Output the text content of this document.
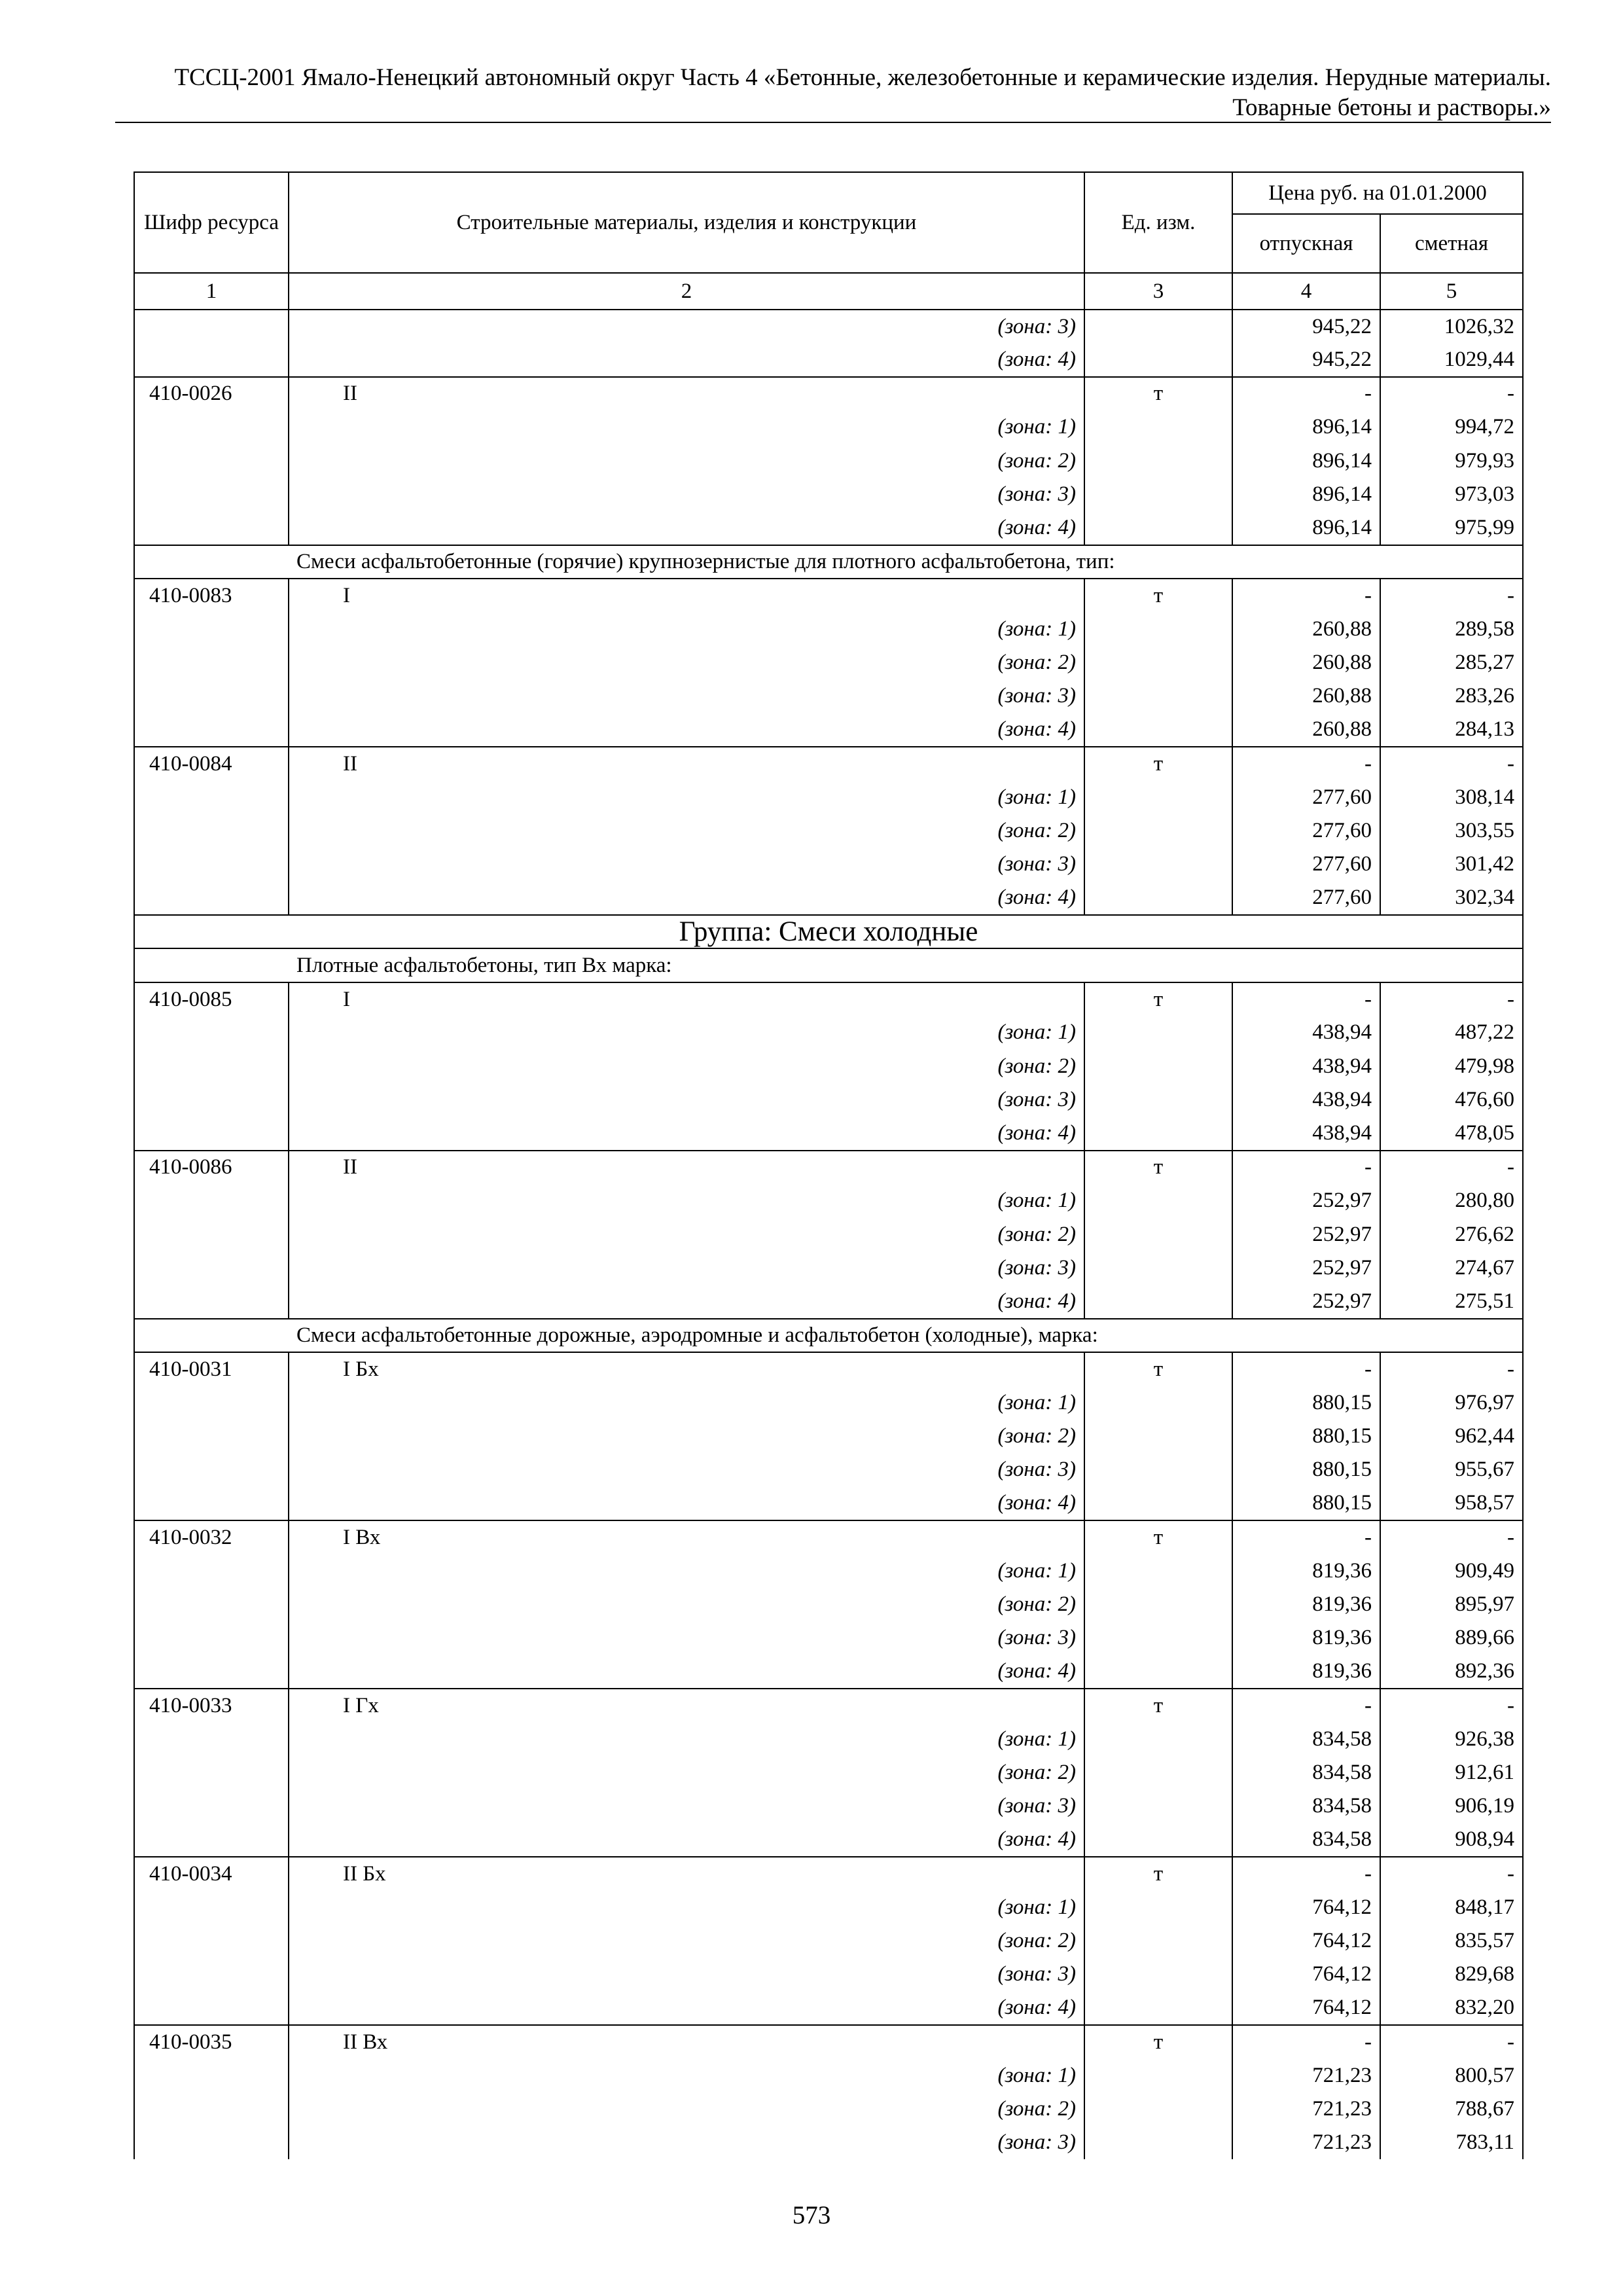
ТССЦ-2001 Ямало-Ненецкий автономный округ Часть 4 «Бетонные, железобетонные и керамические изделия. Нерудные материалы.
Товарные бетоны и растворы.»
Шифр ресурса	Строительные материалы, изделия и конструкции	Ед. изм.	Цена руб. на 01.01.2000	
			отпускная	сметная
1	2	3	4	5
	(зона: 3)		945,22	1026,32
	(зона: 4)		945,22	1029,44
410-0026	II	т	-	-
	(зона: 1)		896,14	994,72
	(зона: 2)		896,14	979,93
	(зона: 3)		896,14	973,03
	(зона: 4)		896,14	975,99
	Смеси асфальтобетонные (горячие) крупнозернистые для плотного асфальтобетона, тип:			
410-0083	I	т	-	-
	(зона: 1)		260,88	289,58
	(зона: 2)		260,88	285,27
	(зона: 3)		260,88	283,26
	(зона: 4)		260,88	284,13
410-0084	II	т	-	-
	(зона: 1)		277,60	308,14
	(зона: 2)		277,60	303,55
	(зона: 3)		277,60	301,42
	(зона: 4)		277,60	302,34
Группа: Смеси холодные				
	Плотные асфальтобетоны, тип Вх марка:			
410-0085	I	т	-	-
	(зона: 1)		438,94	487,22
	(зона: 2)		438,94	479,98
	(зона: 3)		438,94	476,60
	(зона: 4)		438,94	478,05
410-0086	II	т	-	-
	(зона: 1)		252,97	280,80
	(зона: 2)		252,97	276,62
	(зона: 3)		252,97	274,67
	(зона: 4)		252,97	275,51
	Смеси асфальтобетонные дорожные, аэродромные и асфальтобетон (холодные), марка:			
410-0031	I Бх	т	-	-
	(зона: 1)		880,15	976,97
	(зона: 2)		880,15	962,44
	(зона: 3)		880,15	955,67
	(зона: 4)		880,15	958,57
410-0032	I Вх	т	-	-
	(зона: 1)		819,36	909,49
	(зона: 2)		819,36	895,97
	(зона: 3)		819,36	889,66
	(зона: 4)		819,36	892,36
410-0033	I Гх	т	-	-
	(зона: 1)		834,58	926,38
	(зона: 2)		834,58	912,61
	(зона: 3)		834,58	906,19
	(зона: 4)		834,58	908,94
410-0034	II Бх	т	-	-
	(зона: 1)		764,12	848,17
	(зона: 2)		764,12	835,57
	(зона: 3)		764,12	829,68
	(зона: 4)		764,12	832,20
410-0035	II Вх	т	-	-
	(зона: 1)		721,23	800,57
	(зона: 2)		721,23	788,67
	(зона: 3)		721,23	783,11
573
